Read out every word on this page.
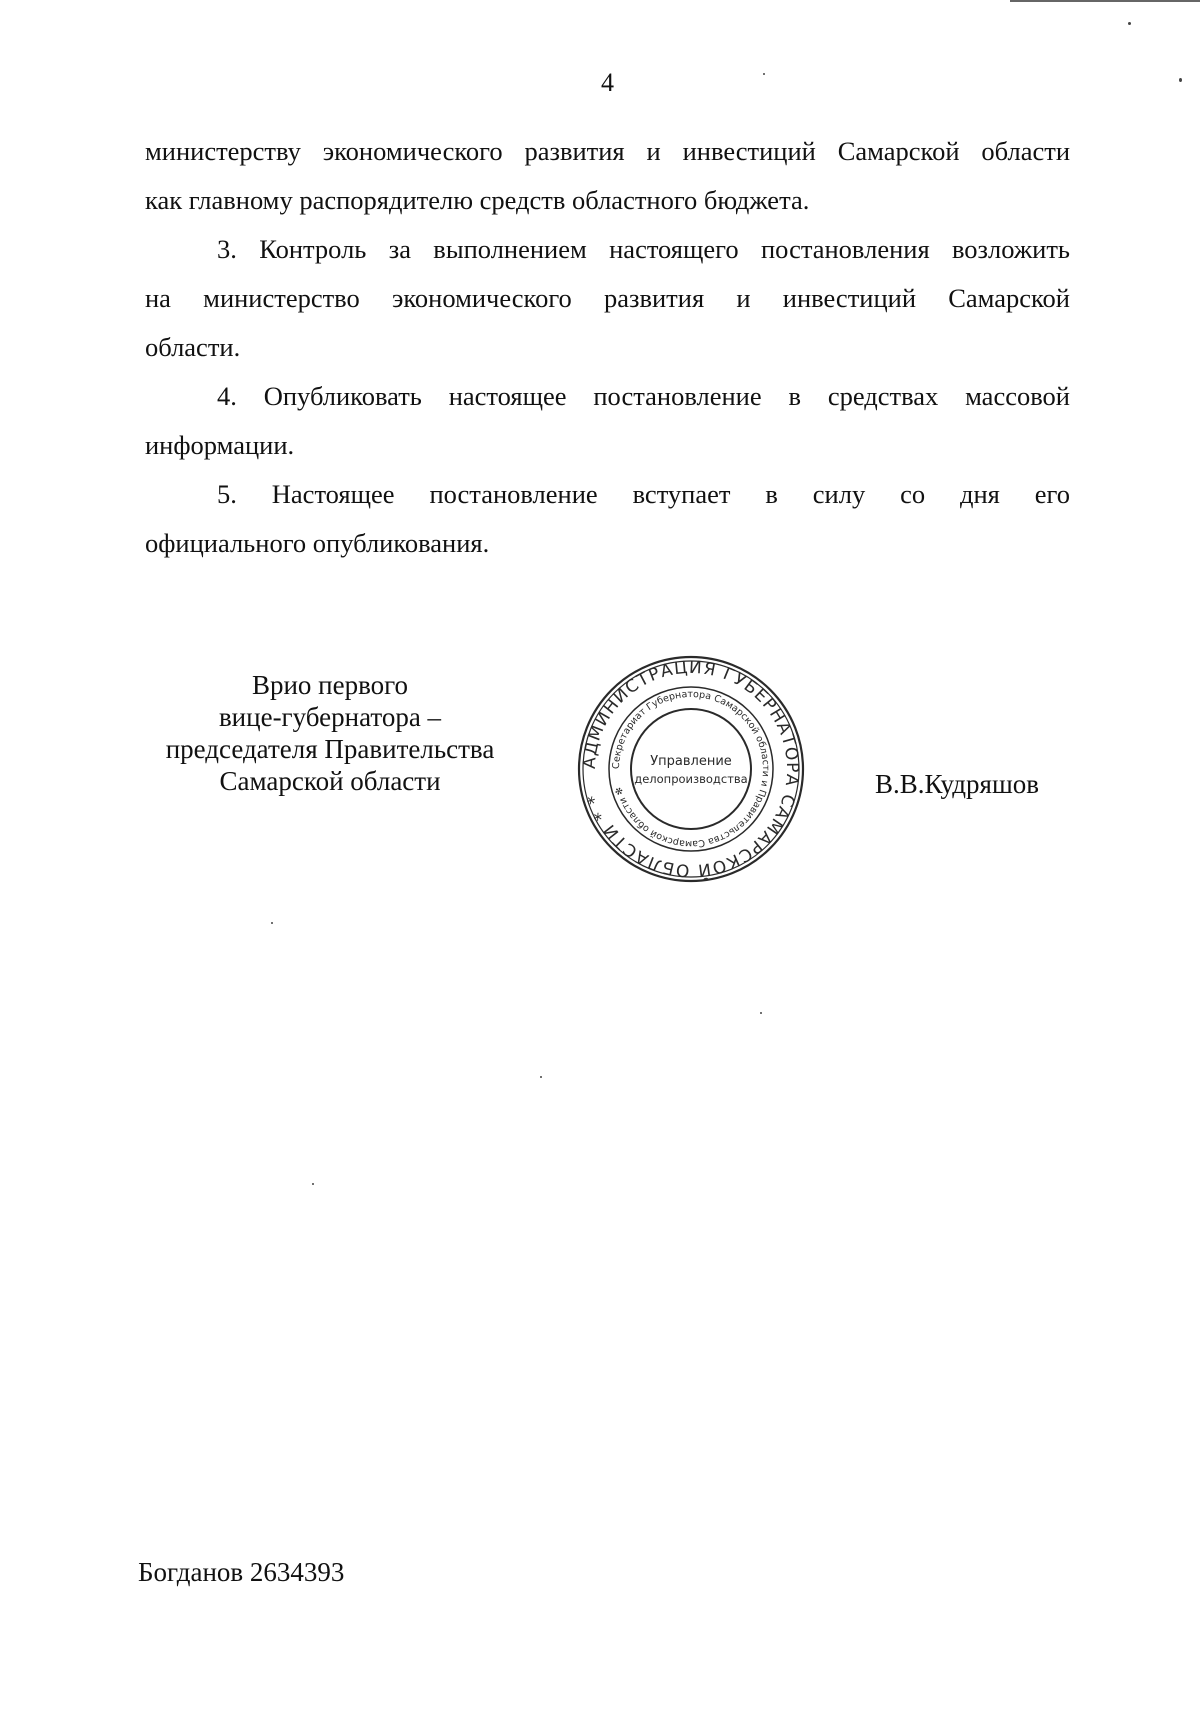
4

министерству экономического развития и инвестиций Самарской области
как главному распорядителю средств областного бюджета.

3. Контроль за выполнением настоящего постановления возложить
на министерство экономического развития и инвестиций Самарской
области.

4. Опубликовать настоящее постановление в средствах массовой
информации.

5. Настоящее постановление вступает в силу со дня его
официального опубликования.

Врио первого
вице-губернатора –
председателя Правительства
Самарской области
АДМИНИСТРАЦИЯ ГУБЕРНАТОРА САМАРСКОЙ ОБЛАСТИ * *
Секретариат Губернатора Самарской области и Правительства Самарской области ✻
Управление
делопроизводства	В.В.Кудряшов
Богданов 2634393
